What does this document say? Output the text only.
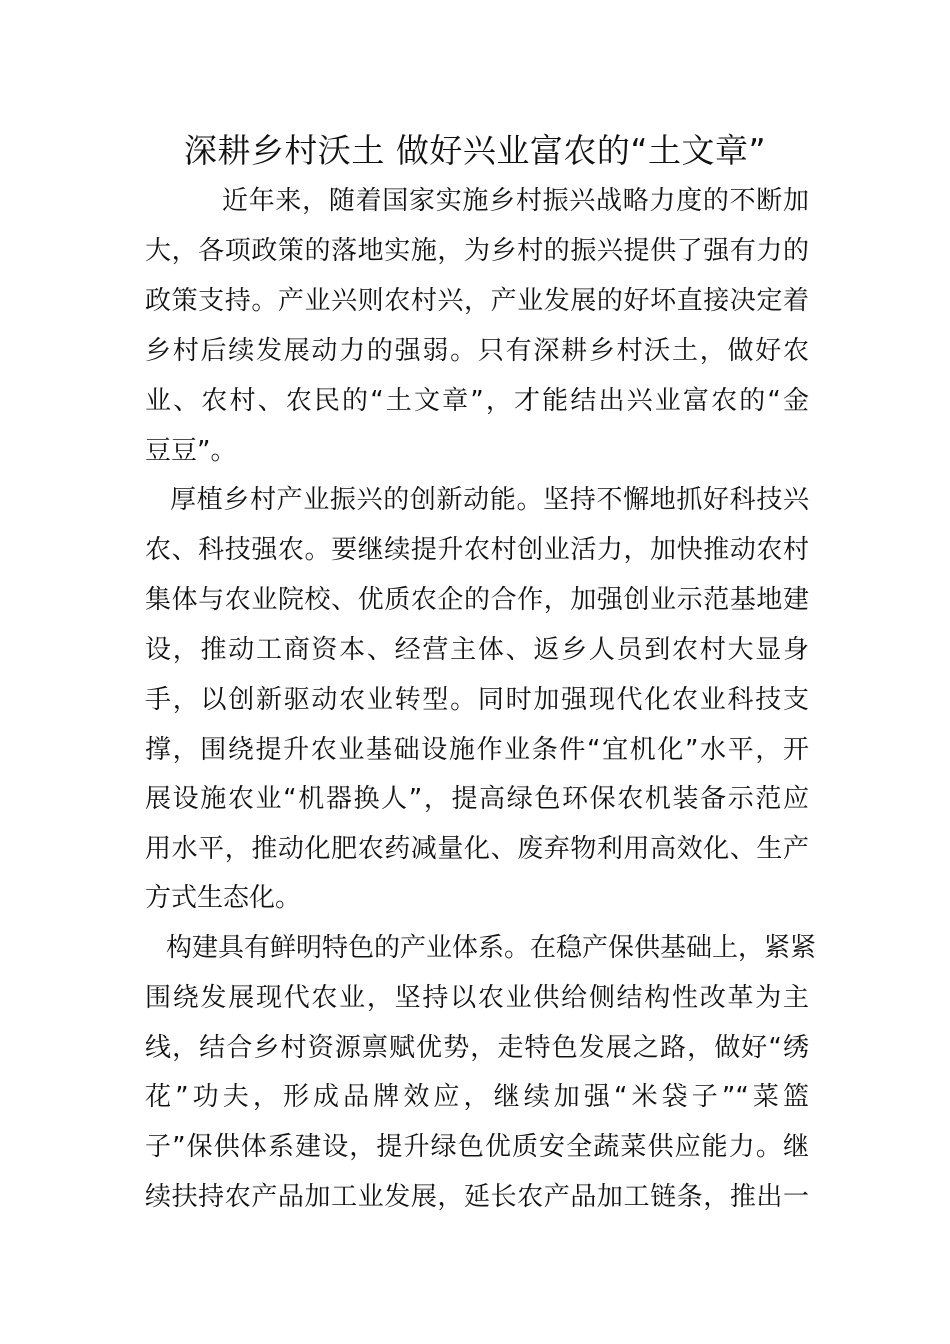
深耕乡村沃土 做好兴业富农的“土文章”
近年来，随着国家实施乡村振兴战略力度的不断加
大，各项政策的落地实施，为乡村的振兴提供了强有力的
政策支持。产业兴则农村兴，产业发展的好坏直接决定着
乡村后续发展动力的强弱。只有深耕乡村沃土，做好农
业、农村、农民的“土文章”，才能结出兴业富农的“金
豆豆”。
厚植乡村产业振兴的创新动能。坚持不懈地抓好科技兴
农、科技强农。要继续提升农村创业活力，加快推动农村
集体与农业院校、优质农企的合作，加强创业示范基地建
设，推动工商资本、经营主体、返乡人员到农村大显身
手，以创新驱动农业转型。同时加强现代化农业科技支
撑，围绕提升农业基础设施作业条件“宜机化”水平，开
展设施农业“机器换人”，提高绿色环保农机装备示范应
用水平，推动化肥农药减量化、废弃物利用高效化、生产
方式生态化。
构建具有鲜明特色的产业体系。在稳产保供基础上，紧紧
围绕发展现代农业，坚持以农业供给侧结构性改革为主
线，结合乡村资源禀赋优势，走特色发展之路，做好“绣
花”功夫，形成品牌效应，继续加强“米袋子”“菜篮
子”保供体系建设，提升绿色优质安全蔬菜供应能力。继
续扶持农产品加工业发展，延长农产品加工链条，推出一
